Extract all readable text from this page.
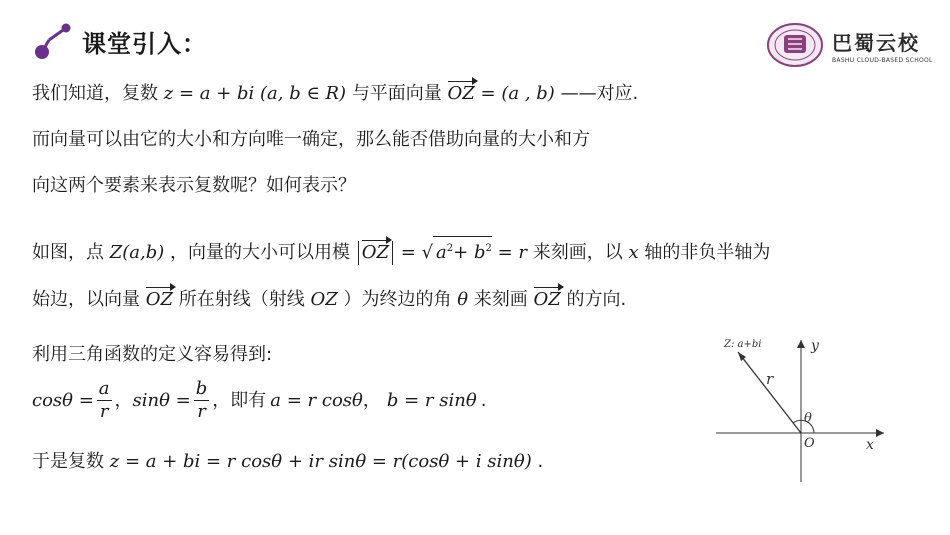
课堂引入：	巴蜀云校
BASHU CLOUD-BASED SCHOOL
我们知道，复数 z = a + bi (a, b ∈ R) 与平面向量 OZ = (a , b) ——对应.
而向量可以由它的大小和方向唯一确定，那么能否借助向量的大小和方
向这两个要素来表示复数呢？如何表示？
如图，点 Z(a,b) ，向量的大小可以用模 OZ = √ $a^2+ b^2 = r$ 来刻画，以 x 轴的非负半轴为
始边，以向量 OZ 所在射线（射线 OZ ）为终边的角 θ 来刻画 OZ 的方向.
利用三角函数的定义容易得到:
$\cos\theta = \frac{a}{r}$ ， $\sin\theta = \frac{b}{r}$ ，即有 a = r cosθ ， b = r sinθ .
于是复数 z = a + bi = r cosθ + ir sinθ = r(cosθ + i sinθ) .
Z: a+bi
r
θ
O	x
y
